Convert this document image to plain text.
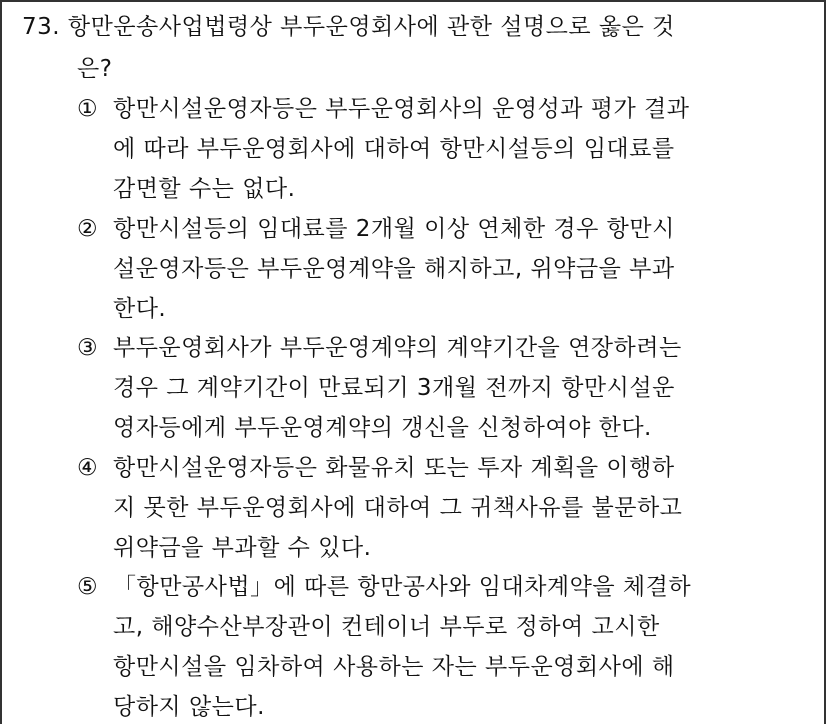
73. 항만운송사업법령상 부두운영회사에 관한 설명으로 옳은 것
은?
① 항만시설운영자등은 부두운영회사의 운영성과 평가 결과
에 따라 부두운영회사에 대하여 항만시설등의 임대료를
감면할 수는 없다.
② 항만시설등의 임대료를 2개월 이상 연체한 경우 항만시
설운영자등은 부두운영계약을 해지하고, 위약금을 부과
한다.
③ 부두운영회사가 부두운영계약의 계약기간을 연장하려는
경우 그 계약기간이 만료되기 3개월 전까지 항만시설운
영자등에게 부두운영계약의 갱신을 신청하여야 한다.
④ 항만시설운영자등은 화물유치 또는 투자 계획을 이행하
지 못한 부두운영회사에 대하여 그 귀책사유를 불문하고
위약금을 부과할 수 있다.
⑤ 「항만공사법」에 따른 항만공사와 임대차계약을 체결하
고, 해양수산부장관이 컨테이너 부두로 정하여 고시한
항만시설을 임차하여 사용하는 자는 부두운영회사에 해
당하지 않는다.
